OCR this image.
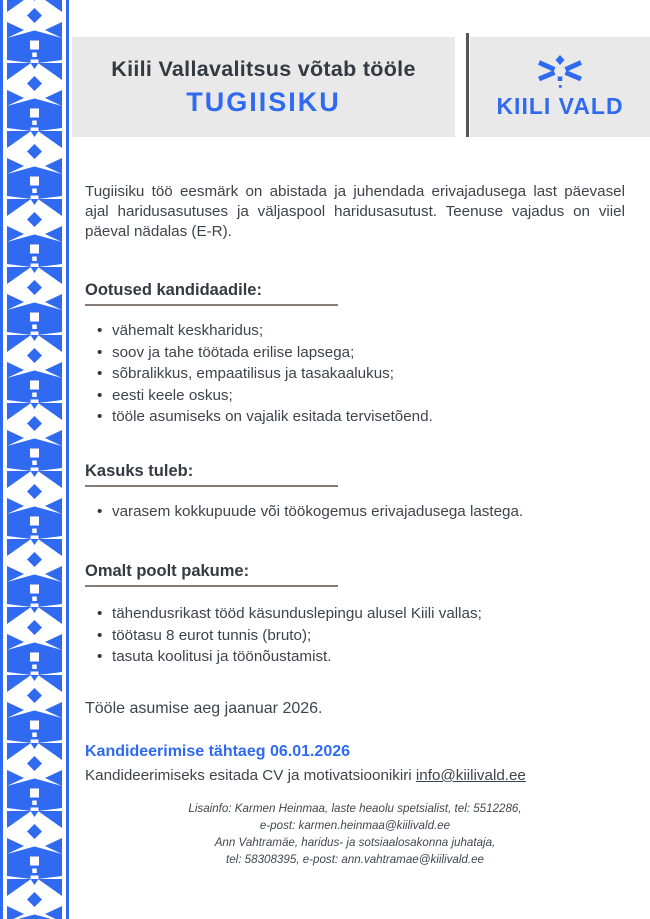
Kiili Vallavalitsus võtab tööle
TUGIISIKU	KIILI VALD

Tugiisiku töö eesmärk on abistada ja juhendada erivajadusega last päevasel ajal haridusasutuses ja väljaspool haridusasutust. Teenuse vajadus on viiel päeval nädalas (E-R).

Ootused kandidaadile:
• vähemalt keskharidus;
• soov ja tahe töötada erilise lapsega;
• sõbralikkus, empaatilisus ja tasakaalukus;
• eesti keele oskus;
• tööle asumiseks on vajalik esitada tervisetõend.
Kasuks tuleb:
• varasem kokkupuude või töökogemus erivajadusega lastega.
Omalt poolt pakume:
• tähendusrikast tööd käsunduslepingu alusel Kiili vallas;
• töötasu 8 eurot tunnis (bruto);
• tasuta koolitusi ja töönõustamist.
Tööle asumise aeg jaanuar 2026.
Kandideerimise tähtaeg 06.01.2026
Kandideerimiseks esitada CV ja motivatsioonikiri info@kiilivald.ee
Lisainfo: Karmen Heinmaa, laste heaolu spetsialist, tel: 5512286,
e-post: karmen.heinmaa@kiilivald.ee
Ann Vahtramäe, haridus- ja sotsiaalosakonna juhataja,
tel: 58308395, e-post: ann.vahtramae@kiilivald.ee
